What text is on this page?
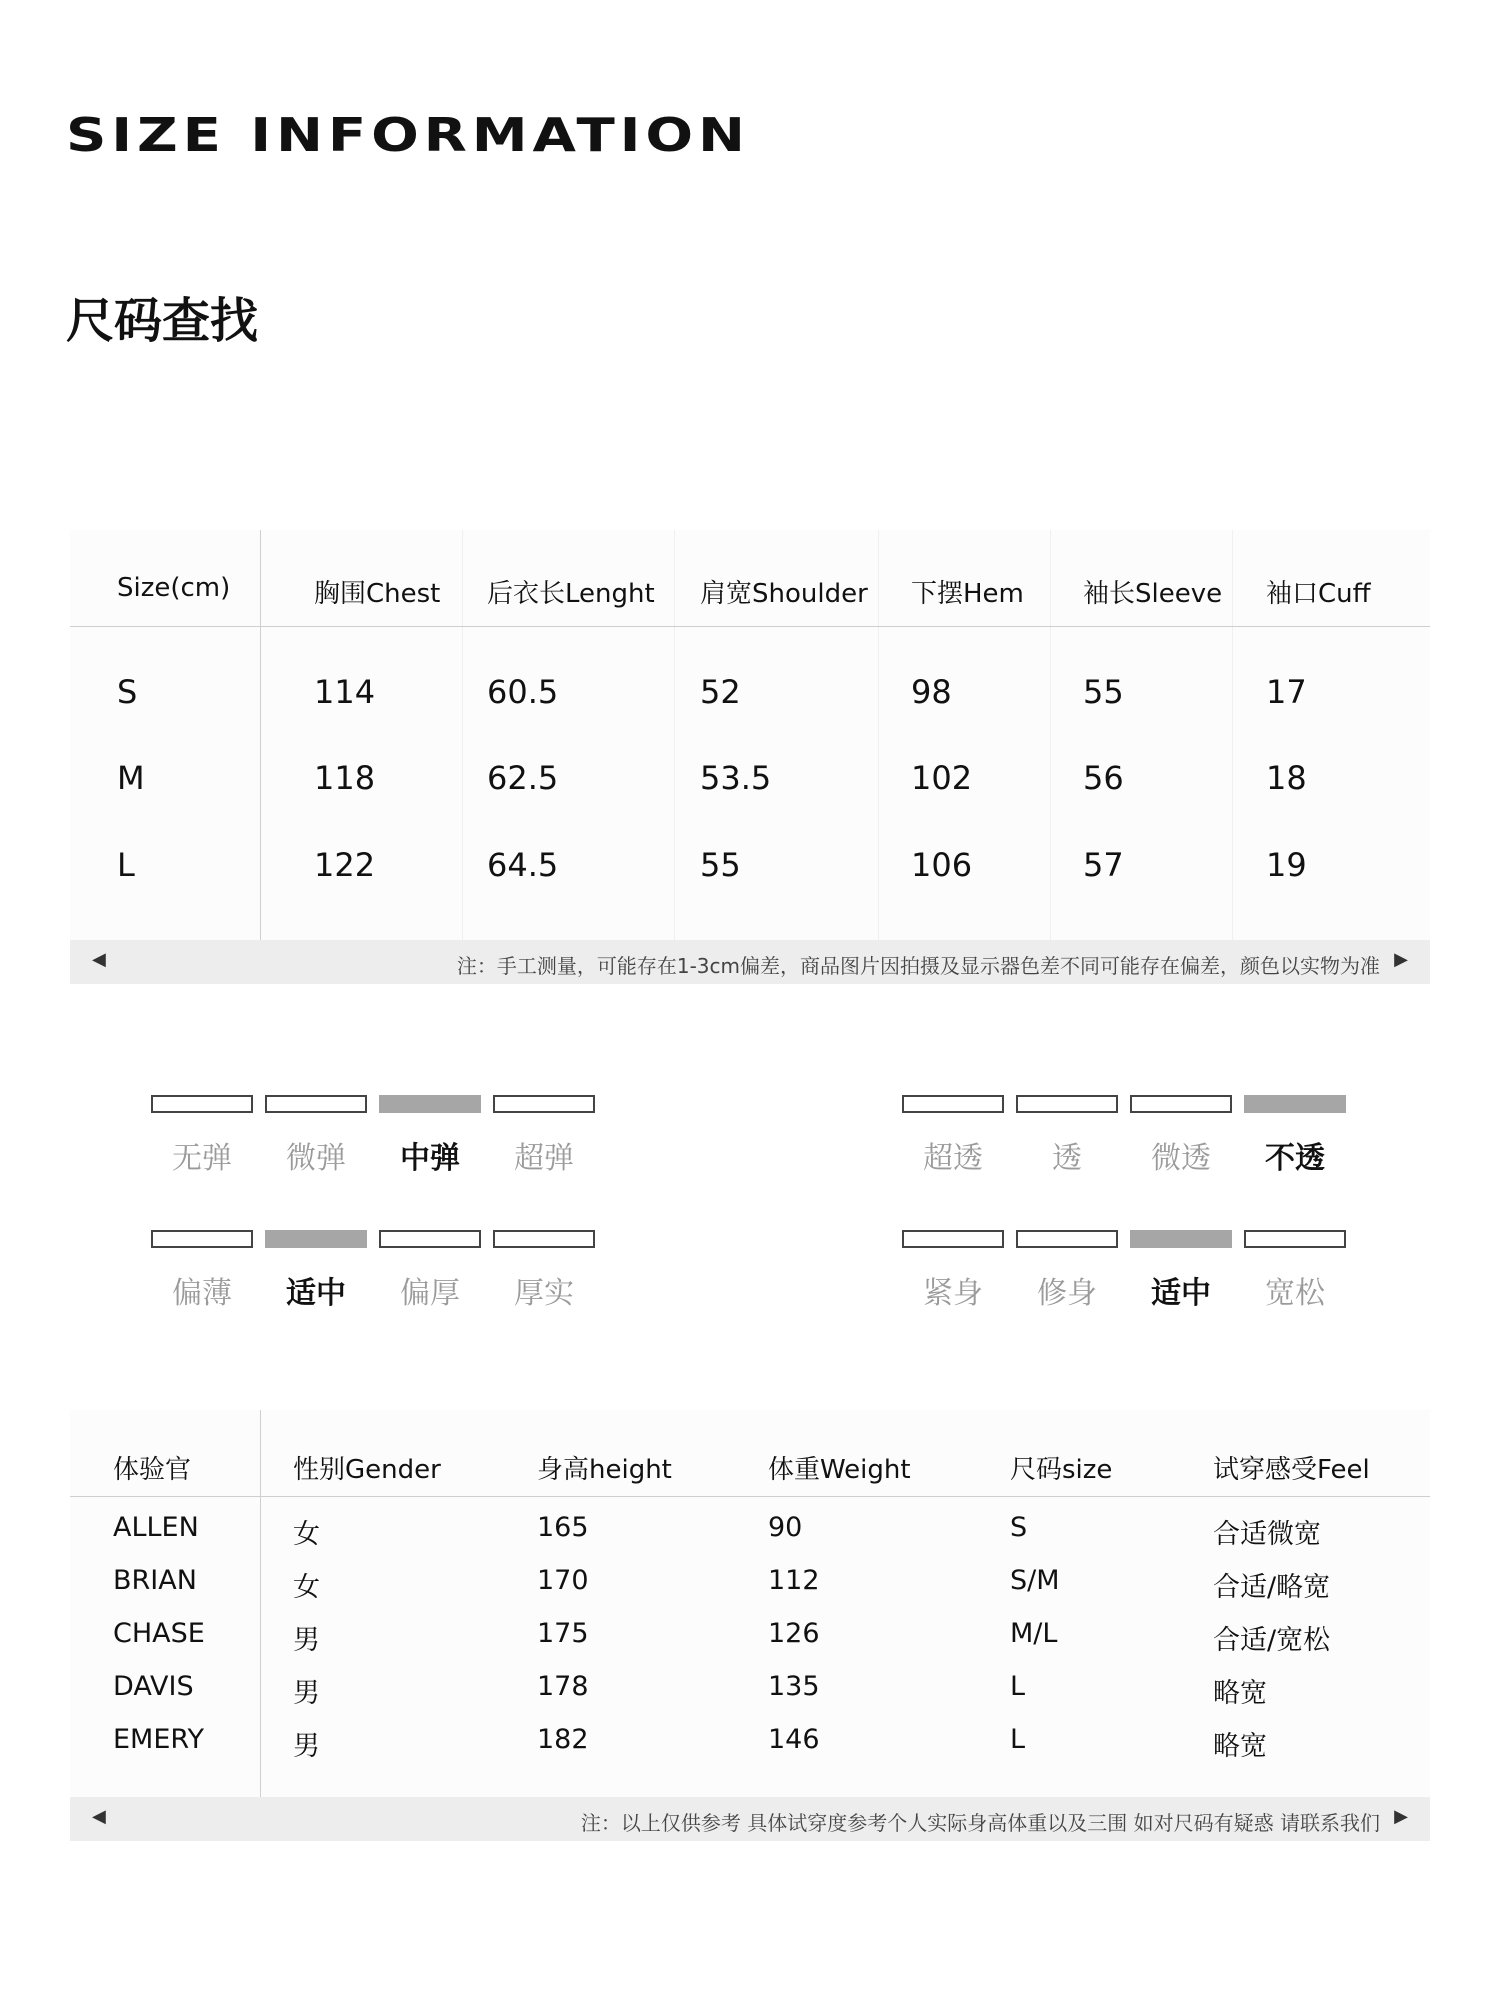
SIZE INFORMATION
尺码查找
Size(cm)	胸围Chest 后衣长Lenght 肩宽Shoulder 下摆Hem 袖长Sleeve 袖口Cuff
S	114	60.5	52	98	55	17
M	118	62.5	53.5	102	56	18
L	122	64.5	55	106	57	19
◀	注：手工测量，可能存在1-3cm偏差，商品图片因拍摄及显示器色差不同可能存在偏差，颜色以实物为准 ▶
无弹	微弹	中弹	超弹	超透	透	微透	不透
偏薄	适中	偏厚	厚实	紧身	修身	适中	宽松
体验官	性别Gender	身高height	体重Weight	尺码size	试穿感受Feel
ALLEN	女	165	90	S	合适微宽
BRIAN	女	170	112	S/M	合适/略宽
CHASE	男	175	126	M/L	合适/宽松
DAVIS	男	178	135	L	略宽
EMERY	男	182	146	L	略宽
◀	注：以上仅供参考 具体试穿度参考个人实际身高体重以及三围 如对尺码有疑惑 请联系我们 ▶
